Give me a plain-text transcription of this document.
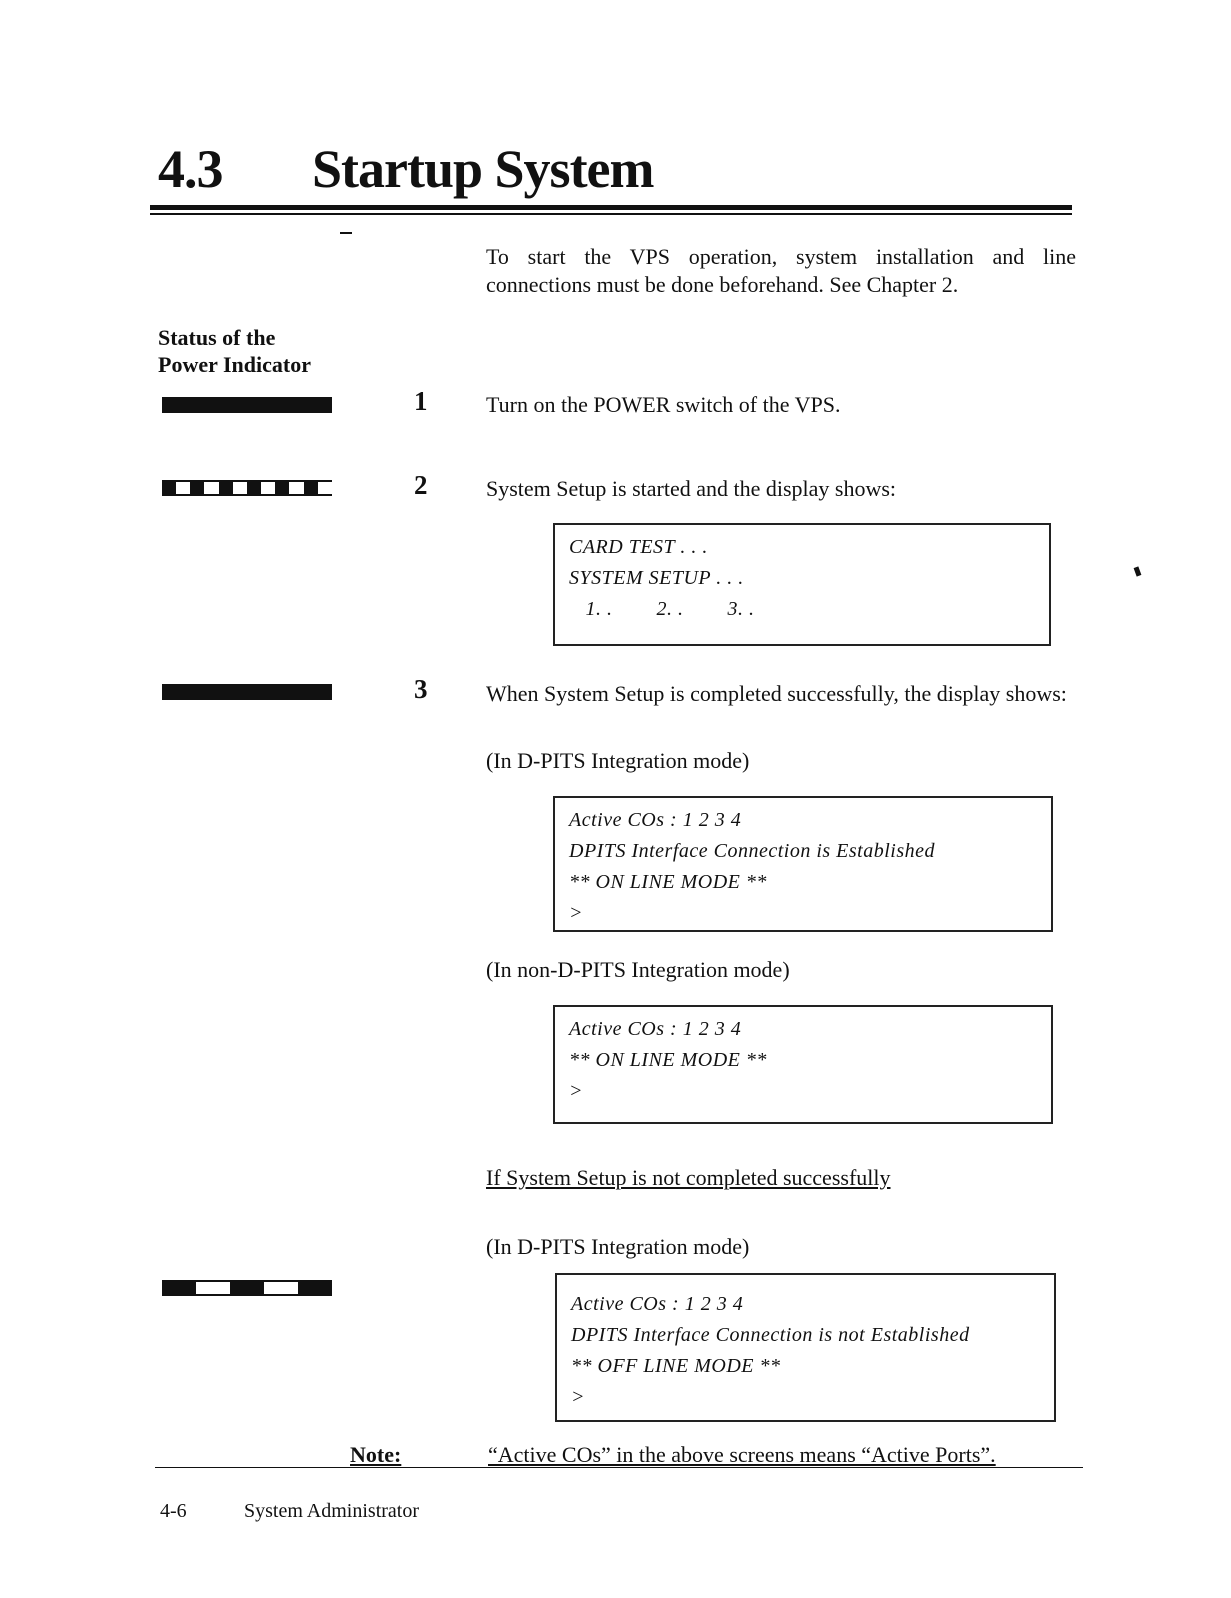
4.3 Startup System
To start the VPS operation, system installation and line connections must be done beforehand. See Chapter 2.
Status of the
Power Indicator
1	Turn on the POWER switch of the VPS.
2	System Setup is started and the display shows:
CARD TEST . . .
SYSTEM SETUP . . .
1. .        2. .        3. .
3	When System Setup is completed successfully, the display shows:
(In D-PITS Integration mode)
Active COs : 1 2 3 4
DPITS Interface Connection is Established
** ON LINE MODE **
>
(In non-D-PITS Integration mode)
Active COs : 1 2 3 4
** ON LINE MODE **
>
If System Setup is not completed successfully
(In D-PITS Integration mode)
Active COs : 1 2 3 4
DPITS Interface Connection is not Established
** OFF LINE MODE **
>
Note:	“Active COs” in the above screens means “Active Ports”.
4-6	System Administrator
